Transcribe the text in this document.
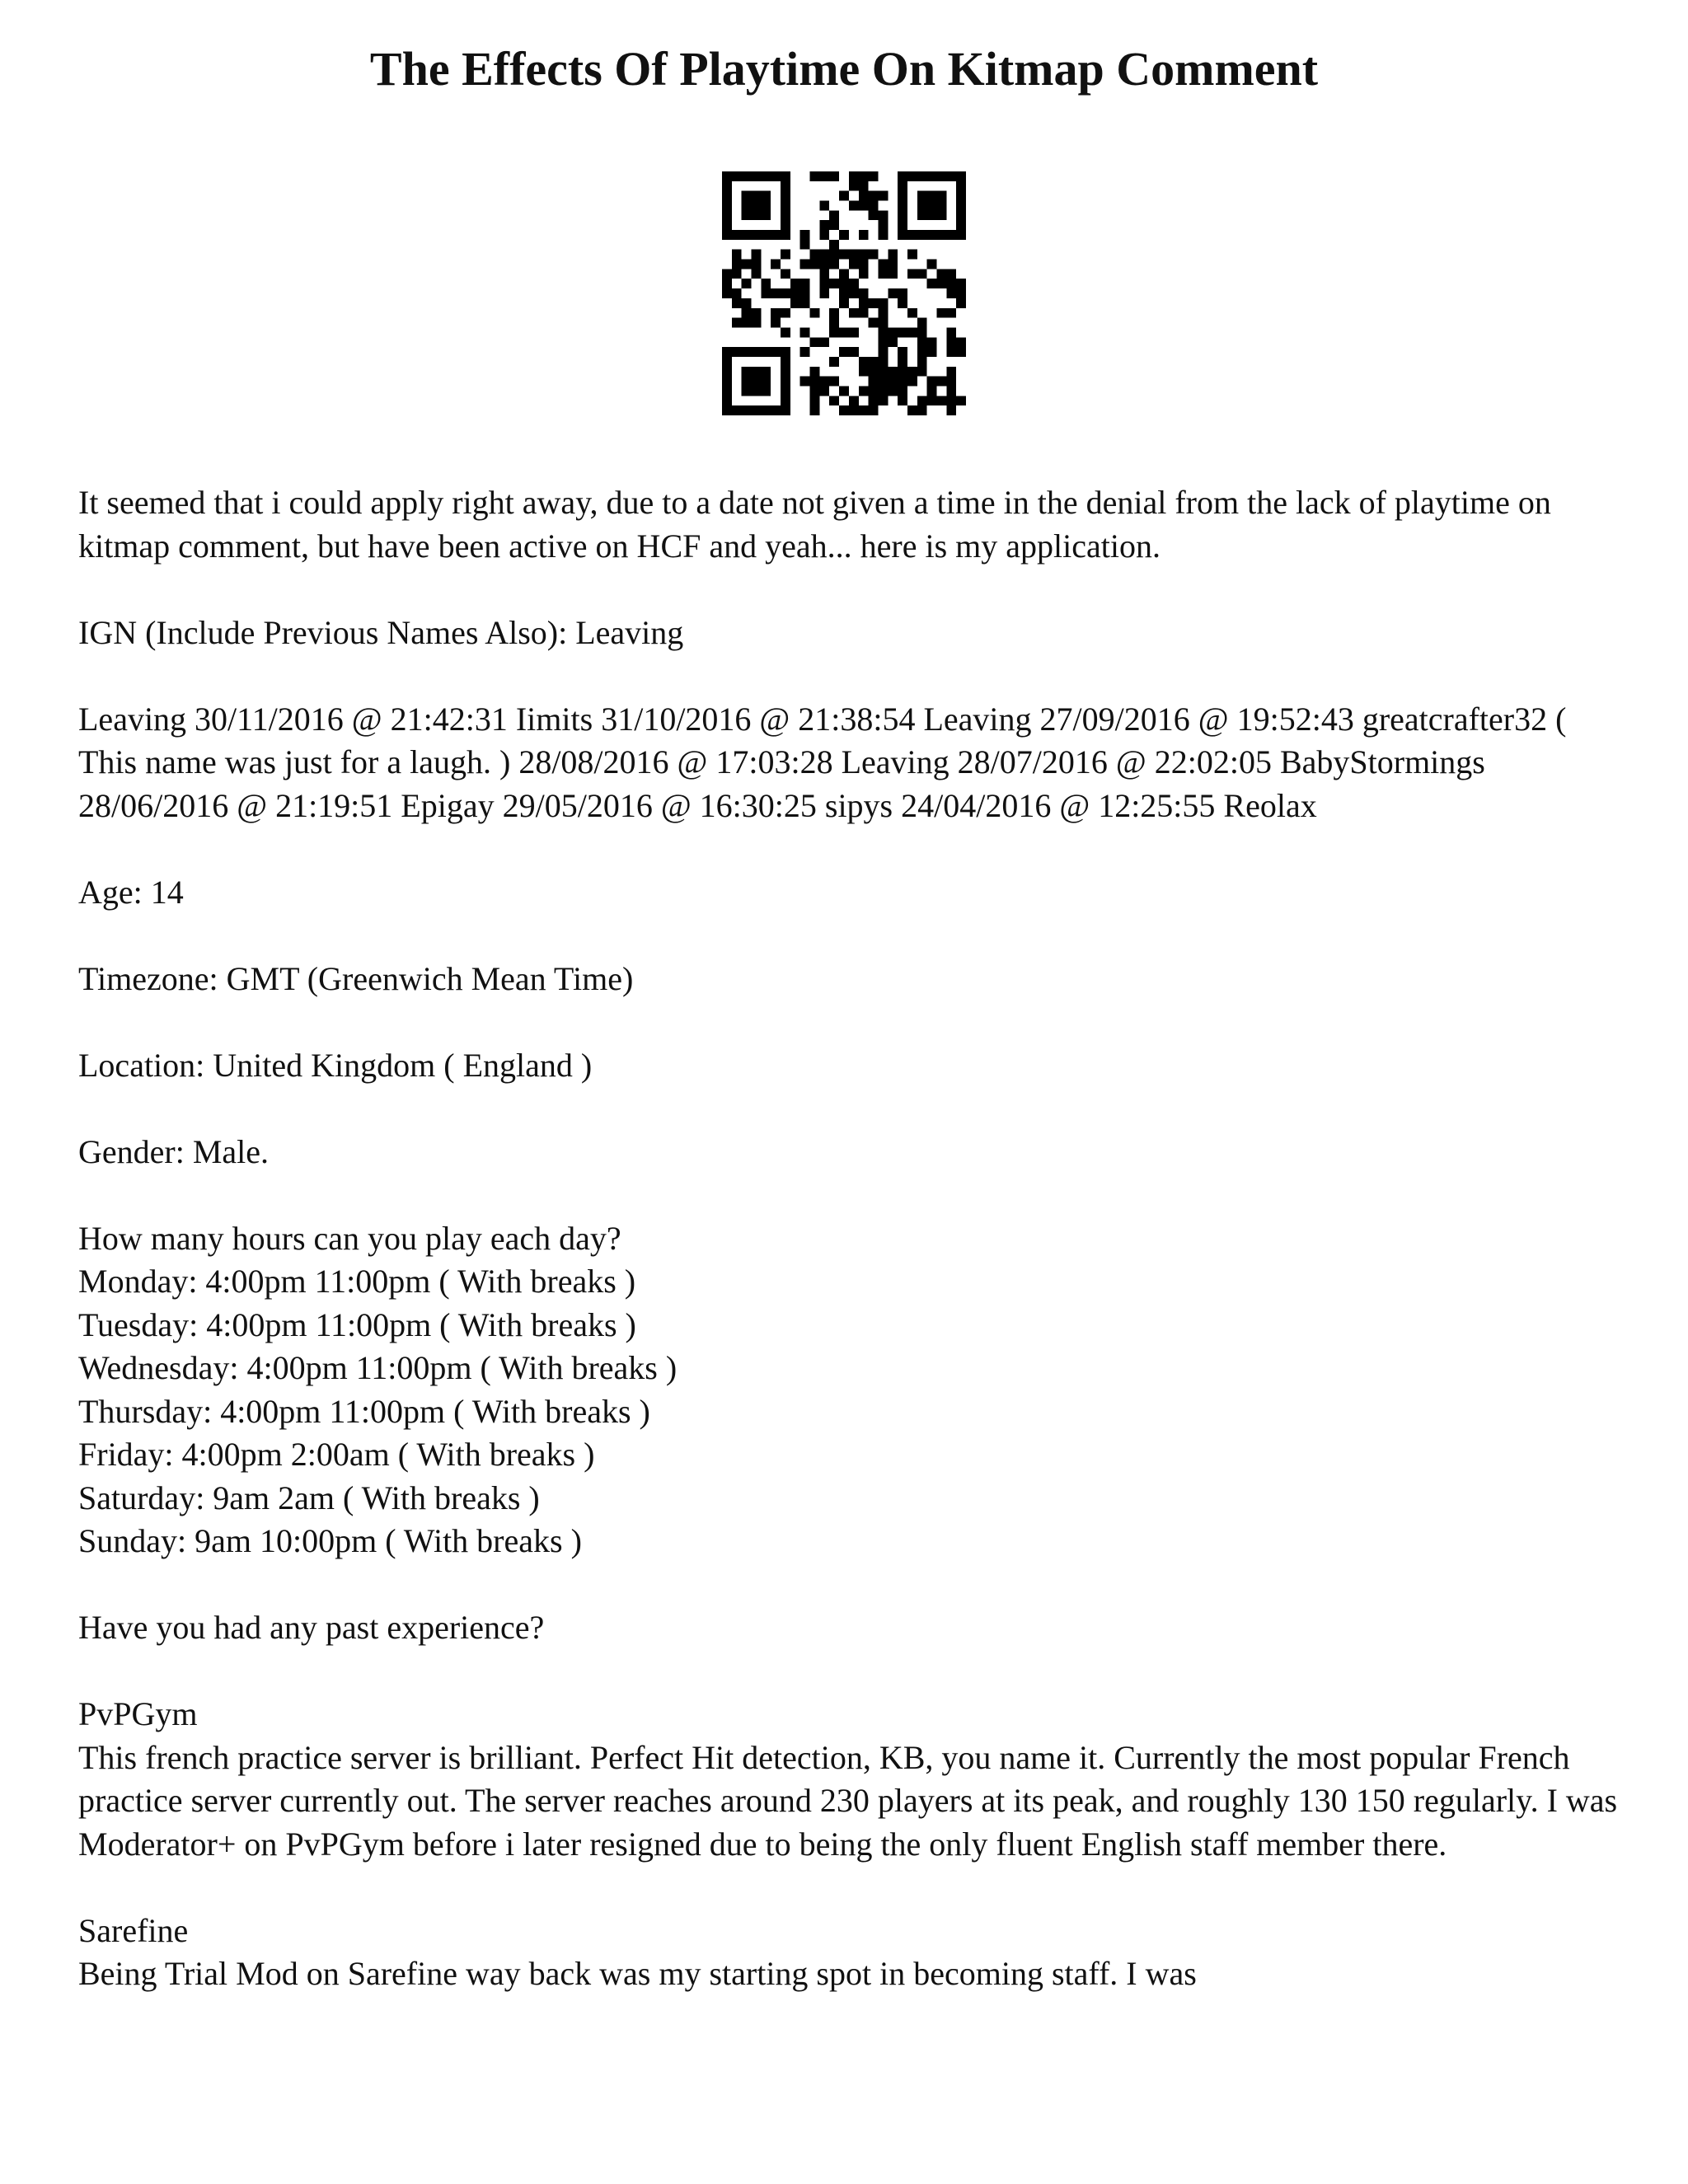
The Effects Of Playtime On Kitmap Comment

It seemed that i could apply right away, due to a date not given a time in the denial from the lack of playtime on kitmap comment, but have been active on HCF and yeah... here is my application.

IGN (Include Previous Names Also): Leaving

Leaving 30/11/2016 @ 21:42:31 Iimits 31/10/2016 @ 21:38:54 Leaving 27/09/2016 @ 19:52:43 greatcrafter32 ( This name was just for a laugh. ) 28/08/2016 @ 17:03:28 Leaving 28/07/2016 @ 22:02:05 BabyStormings 28/06/2016 @ 21:19:51 Epigay 29/05/2016 @ 16:30:25 sipys 24/04/2016 @ 12:25:55 Reolax

Age: 14

Timezone: GMT (Greenwich Mean Time)

Location: United Kingdom ( England )

Gender: Male.

How many hours can you play each day?
Monday: 4:00pm 11:00pm ( With breaks )
Tuesday: 4:00pm 11:00pm ( With breaks )
Wednesday: 4:00pm 11:00pm ( With breaks )
Thursday: 4:00pm 11:00pm ( With breaks )
Friday: 4:00pm 2:00am ( With breaks )
Saturday: 9am 2am ( With breaks )
Sunday: 9am 10:00pm ( With breaks )

Have you had any past experience?

PvPGym
This french practice server is brilliant. Perfect Hit detection, KB, you name it. Currently the most popular French practice server currently out. The server reaches around 230 players at its peak, and roughly 130 150 regularly. I was Moderator+ on PvPGym before i later resigned due to being the only fluent English staff member there.
Sarefine
Being Trial Mod on Sarefine way back was my starting spot in becoming staff. I was
